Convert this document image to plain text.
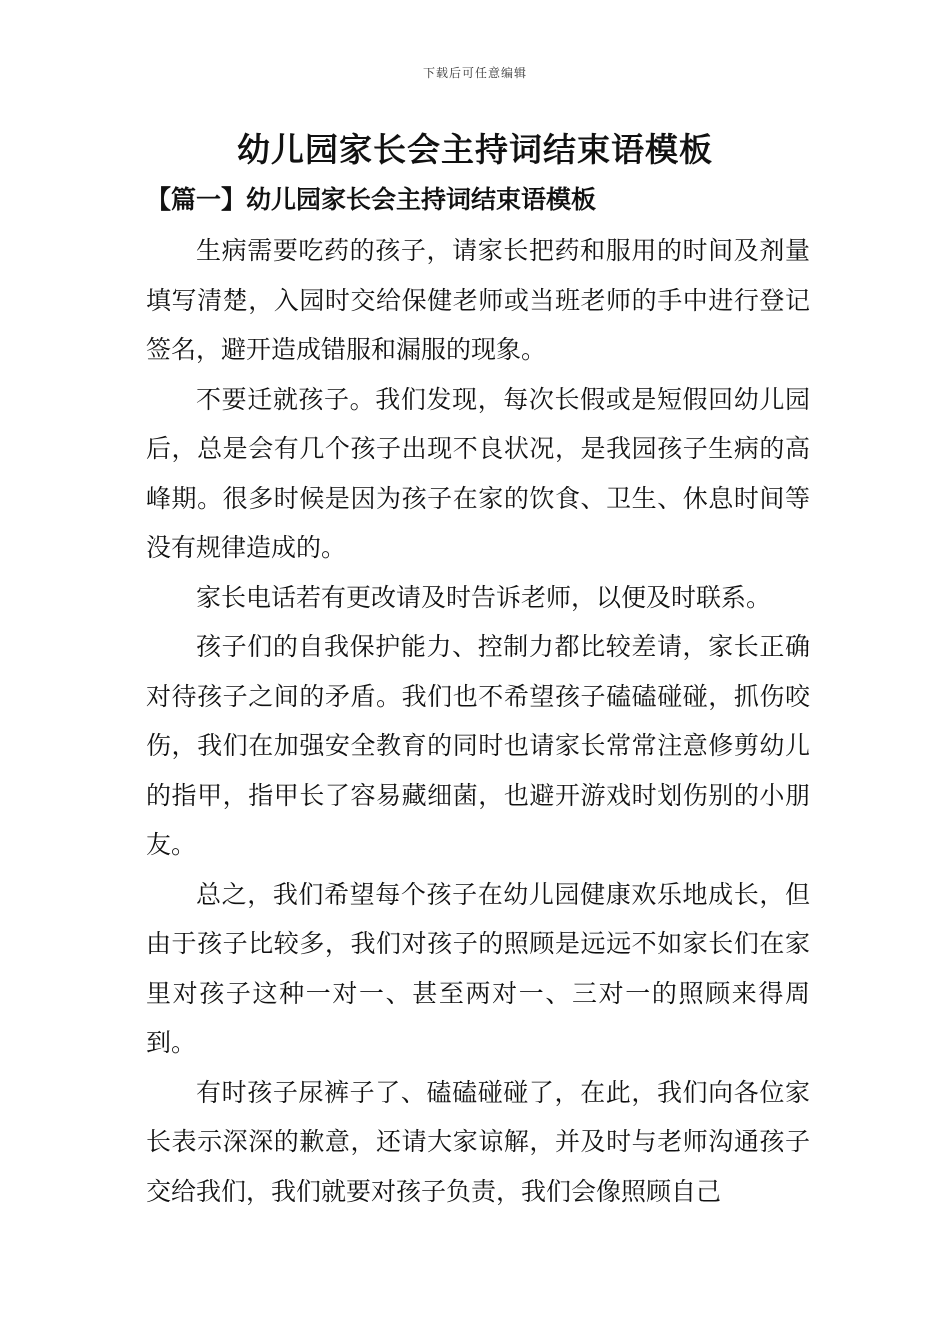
下载后可任意编辑
幼儿园家长会主持词结束语模板
【篇一】幼儿园家长会主持词结束语模板

生病需要吃药的孩子，请家长把药和服用的时间及剂量填写清楚，入园时交给保健老师或当班老师的手中进行登记签名，避开造成错服和漏服的现象。

不要迁就孩子。我们发现，每次长假或是短假回幼儿园后，总是会有几个孩子出现不良状况，是我园孩子生病的高峰期。很多时候是因为孩子在家的饮食、卫生、休息时间等没有规律造成的。

家长电话若有更改请及时告诉老师，以便及时联系。

孩子们的自我保护能力、控制力都比较差请，家长正确对待孩子之间的矛盾。我们也不希望孩子磕磕碰碰，抓伤咬伤，我们在加强安全教育的同时也请家长常常注意修剪幼儿的指甲，指甲长了容易藏细菌，也避开游戏时划伤别的小朋友。

总之，我们希望每个孩子在幼儿园健康欢乐地成长，但由于孩子比较多，我们对孩子的照顾是远远不如家长们在家里对孩子这种一对一、甚至两对一、三对一的照顾来得周到。

有时孩子尿裤子了、磕磕碰碰了，在此，我们向各位家长表示深深的歉意，还请大家谅解，并及时与老师沟通孩子交给我们，我们就要对孩子负责，我们会像照顾自己
